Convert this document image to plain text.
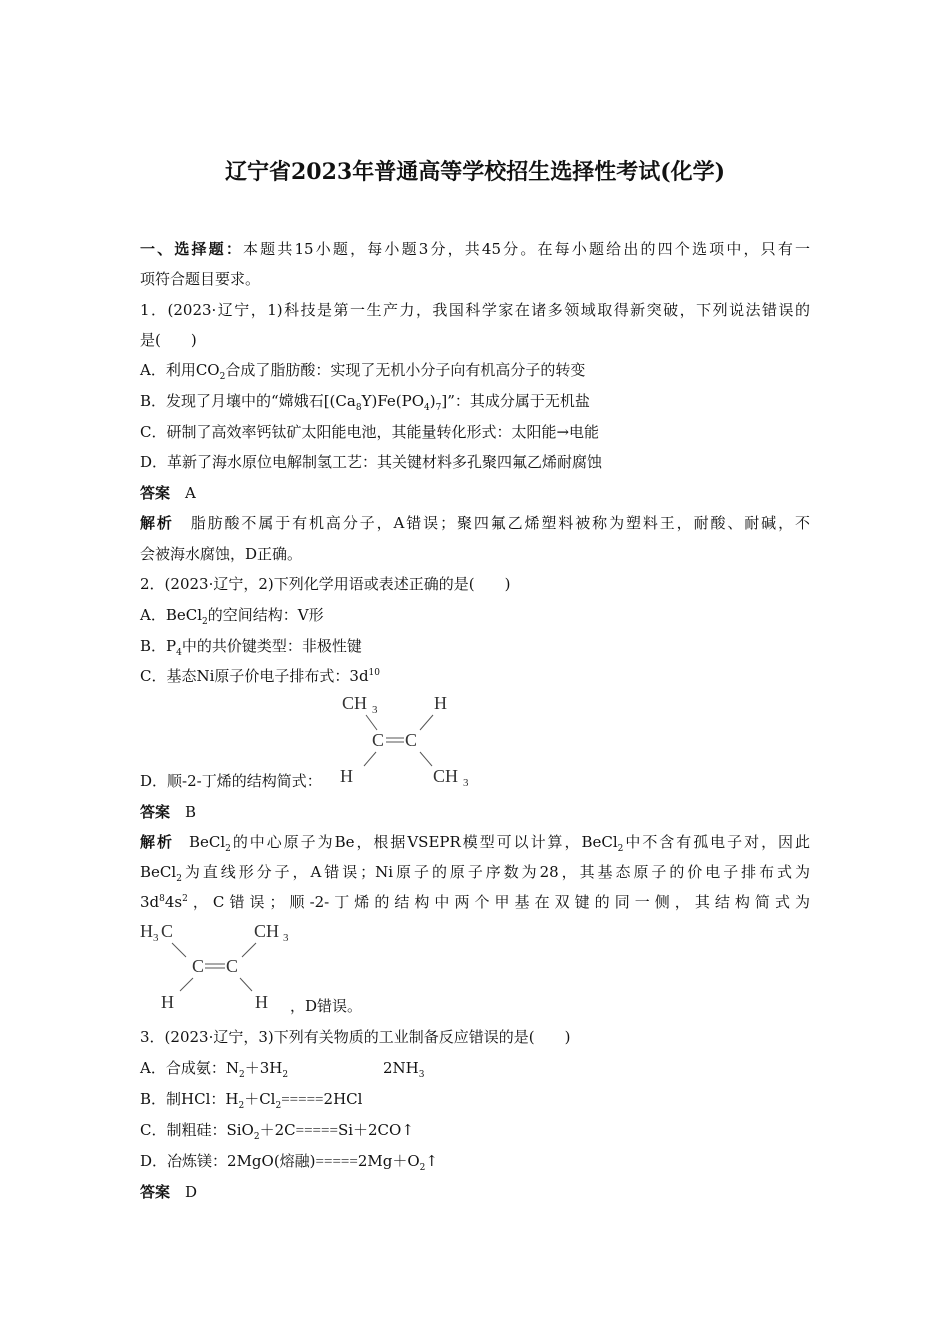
辽宁省2023年普通高等学校招生选择性考试(化学)
一、选择题：本题共15小题，每小题3分，共45分。在每小题给出的四个选项中，只有一
项符合题目要求。
1．(2023·辽宁，1)科技是第一生产力，我国科学家在诸多领域取得新突破，下列说法错误的
是(　　)
A．利用$CO_2$合成了脂肪酸：实现了无机小分子向有机高分子的转变
B．发现了月壤中的“嫦娥石$[(Ca_8Y)Fe(PO_4)_7]$”：其成分属于无机盐
C．研制了高效率钙钛矿太阳能电池，其能量转化形式：太阳能→电能
D．革新了海水原位电解制氢工艺：其关键材料多孔聚四氟乙烯耐腐蚀
答案  A
解析  脂肪酸不属于有机高分子，A错误；聚四氟乙烯塑料被称为塑料王，耐酸、耐碱，不
会被海水腐蚀，D正确。
2．(2023·辽宁，2)下列化学用语或表述正确的是(　　)
A．BeCl$_2$的空间结构：V形
B．$P_4$中的共价键类型：非极性键
C．基态Ni原子价电子排布式：$3d^{10}$
D．顺-2-丁烯的结构简式：
CH 3	H
C C
H	CH 3
答案  B
解析  BeCl$_2$的中心原子为Be，根据VSEPR模型可以计算，BeCl$_2$中不含有孤电子对，因此
BeCl$_2$为直线形分子，A错误；Ni原子的原子序数为28，其基态原子的价电子排布式为
$3d^84s^2$，C错误；顺-2-丁烯的结构中两个甲基在双键的同一侧，其结构简式为
H 3 C	CH 3
C C
H	H ，D错误。
3．(2023·辽宁，3)下列有关物质的工业制备反应错误的是(　　)
A．合成氨：$N_2+3H_2$	$2NH_3$
B．制HCl：$H_2+Cl_2=====2HCl$
C．制粗硅：SiO$_2$＋2C=====Si＋2CO↑
D．冶炼镁：2MgO(熔融)$=====2Mg+O_2↑$
答案  D
